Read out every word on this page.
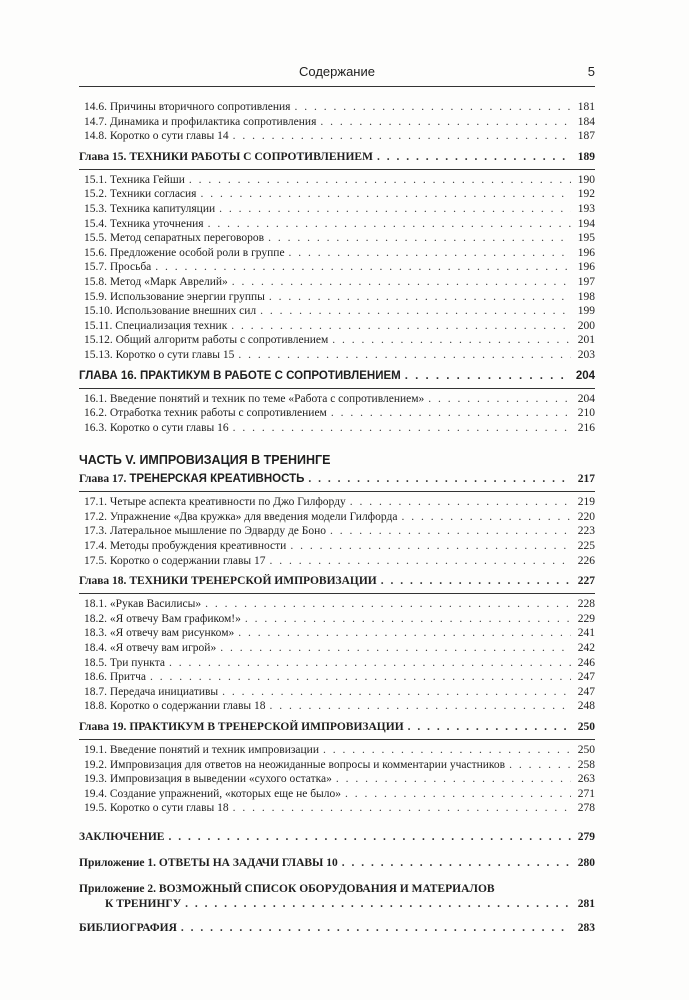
Содержание	5
14.6. Причины вторичного сопротивления . . .	181
14.7. Динамика и профилактика сопротивления . . .	184
14.8. Коротко о сути главы 14 . . .	187
Глава 15. ТЕХНИКИ РАБОТЫ С СОПРОТИВЛЕНИЕМ . . .	189
15.1. Техника Гейши . . .	190
15.2. Техники согласия . . .	192
15.3. Техника капитуляции . . .	193
15.4. Техника уточнения . . .	194
15.5. Метод сепаратных переговоров . . .	195
15.6. Предложение особой роли в группе . . .	196
15.7. Просьба . . .	196
15.8. Метод «Марк Аврелий» . . .	197
15.9. Использование энергии группы . . .	198
15.10. Использование внешних сил . . .	199
15.11. Специализация техник . . .	200
15.12. Общий алгоритм работы с сопротивлением . . .	201
15.13. Коротко о сути главы 15 . . .	203
ГЛАВА 16. ПРАКТИКУМ В РАБОТЕ С СОПРОТИВЛЕНИЕМ . . .	204
16.1. Введение понятий и техник по теме «Работа с сопротивлением» . . .	204
16.2. Отработка техник работы с сопротивлением . . .	210
16.3. Коротко о сути главы 16 . . .	216
ЧАСТЬ V. ИМПРОВИЗАЦИЯ В ТРЕНИНГЕ
Глава 17. ТРЕНЕРСКАЯ КРЕАТИВНОСТЬ . . .	217
17.1. Четыре аспекта креативности по Джо Гилфорду . . .	219
17.2. Упражнение «Два кружка» для введения модели Гилфорда . . .	220
17.3. Латеральное мышление по Эдварду де Боно . . .	223
17.4. Методы пробуждения креативности . . .	225
17.5. Коротко о содержании главы 17 . . .	226
Глава 18. ТЕХНИКИ ТРЕНЕРСКОЙ ИМПРОВИЗАЦИИ . . .	227
18.1. «Рукав Василисы» . . .	228
18.2. «Я отвечу Вам графиком!» . . .	229
18.3. «Я отвечу вам рисунком» . . .	241
18.4. «Я отвечу вам игрой» . . .	242
18.5. Три пункта . . .	246
18.6. Притча . . .	247
18.7. Передача инициативы . . .	247
18.8. Коротко о содержании главы 18 . . .	248
Глава 19. ПРАКТИКУМ В ТРЕНЕРСКОЙ ИМПРОВИЗАЦИИ . . .	250
19.1. Введение понятий и техник импровизации . . .	250
19.2. Импровизация для ответов на неожиданные вопросы и комментарии участников . . .	258
19.3. Импровизация в выведении «сухого остатка» . . .	263
19.4. Создание упражнений, «которых еще не было» . . .	271
19.5. Коротко о сути главы 18 . . .	278
ЗАКЛЮЧЕНИЕ . . .	279
Приложение 1. ОТВЕТЫ НА ЗАДАЧИ ГЛАВЫ 10 . . .	280
Приложение 2. ВОЗМОЖНЫЙ СПИСОК ОБОРУДОВАНИЯ И МАТЕРИАЛОВ
К ТРЕНИНГУ . . .	281
БИБЛИОГРАФИЯ . . .	283
